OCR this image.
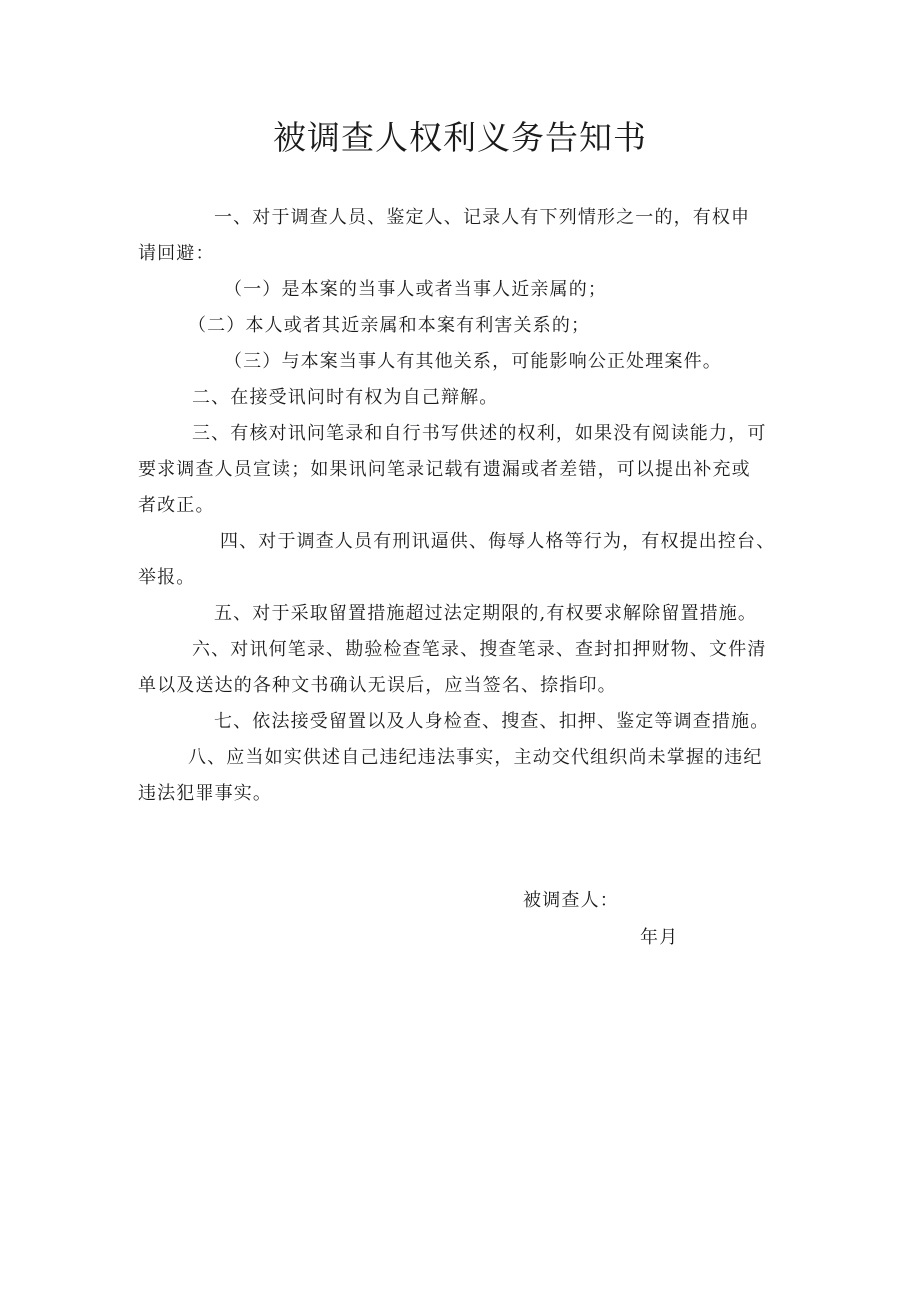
被调查人权利义务告知书
一、对于调查人员、鉴定人、记录人有下列情形之一的，有权申
请回避：
（一）是本案的当事人或者当事人近亲属的；
（二）本人或者其近亲属和本案有利害关系的；
（三）与本案当事人有其他关系，可能影响公正处理案件。
二、在接受讯问时有权为自己辩解。
三、有核对讯问笔录和自行书写供述的权利，如果没有阅读能力，可
要求调查人员宣读；如果讯问笔录记载有遗漏或者差错，可以提出补充或
者改正。
四、对于调查人员有刑讯逼供、侮辱人格等行为，有权提出控台、
举报。
五、对于采取留置措施超过法定期限的,有权要求解除留置措施。
六、对讯何笔录、勘验检查笔录、搜查笔录、查封扣押财物、文件清
单以及送达的各种文书确认无误后，应当签名、捺指印。
七、依法接受留置以及人身检查、搜查、扣押、鉴定等调查措施。
八、应当如实供述自己违纪违法事实，主动交代组织尚未掌握的违纪
违法犯罪事实。
被调查人：
年月
